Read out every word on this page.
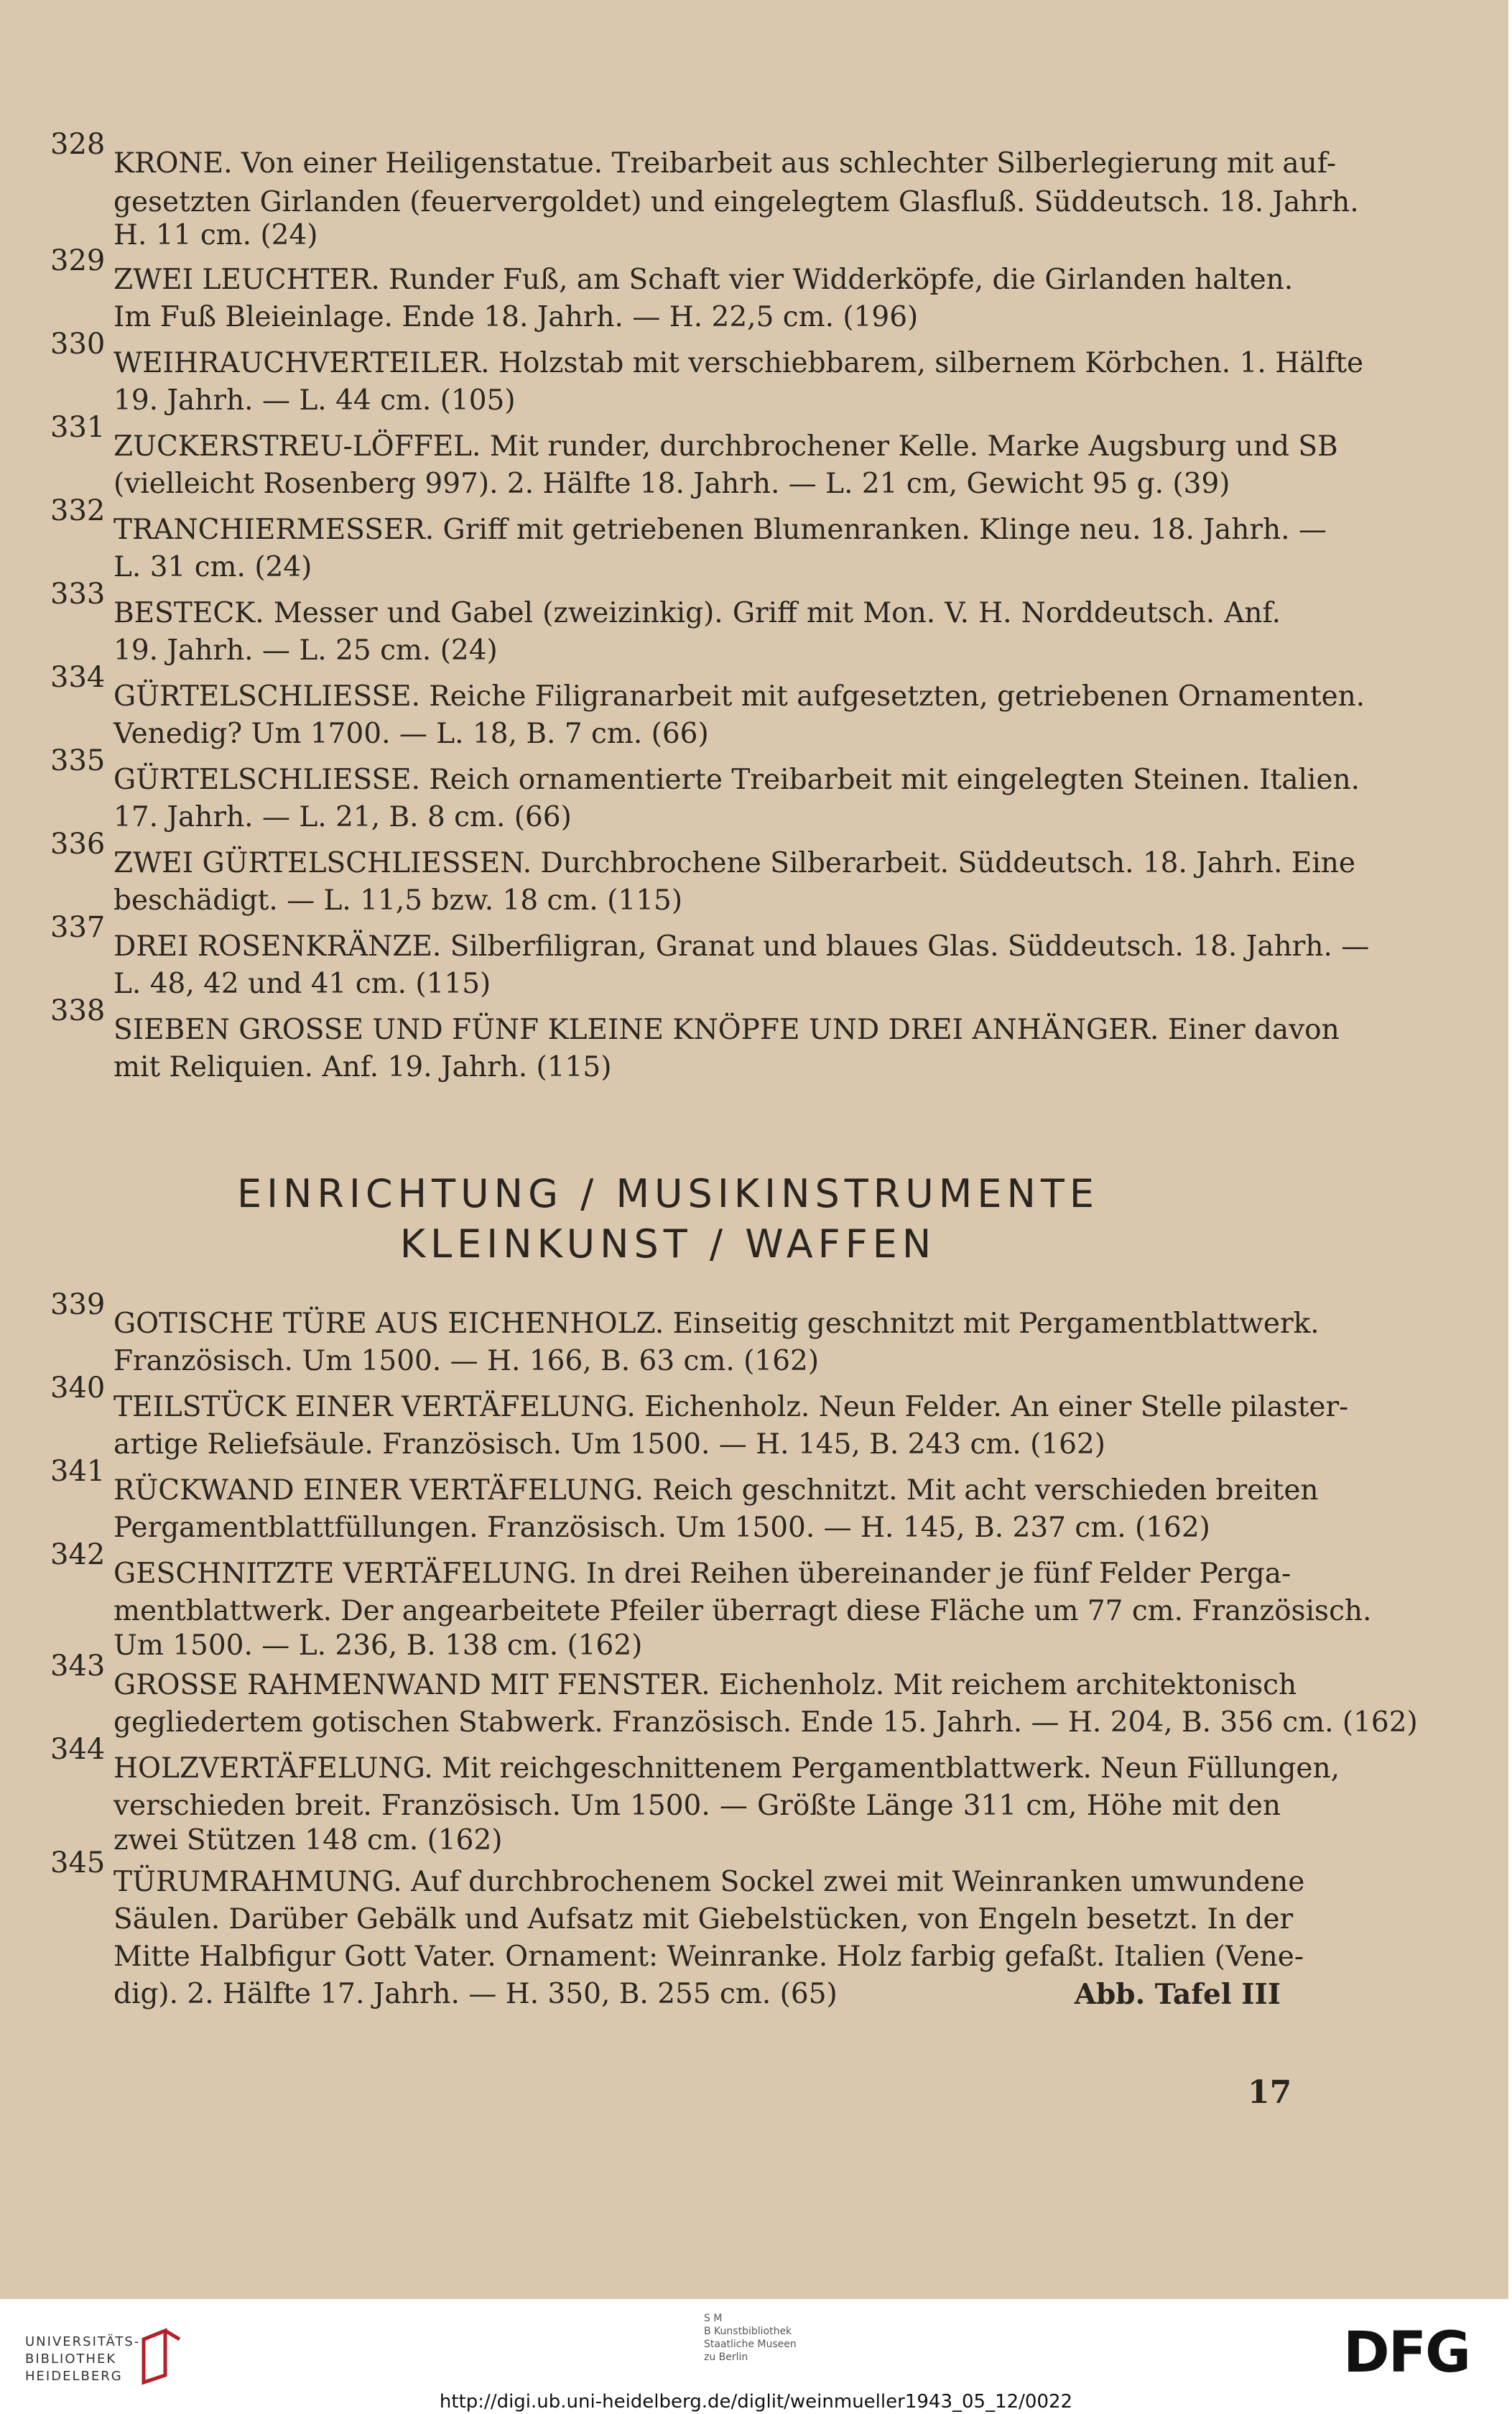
328
KRONE. Von einer Heiligenstatue. Treibarbeit aus schlechter Silberlegierung mit auf-
gesetzten Girlanden (feuervergoldet) und eingelegtem Glasfluß. Süddeutsch. 18. Jahrh.
H. 11 cm. (24)
329
ZWEI LEUCHTER. Runder Fuß, am Schaft vier Widderköpfe, die Girlanden halten.
Im Fuß Bleieinlage. Ende 18. Jahrh. — H. 22,5 cm. (196)
330
WEIHRAUCHVERTEILER. Holzstab mit verschiebbarem, silbernem Körbchen. 1. Hälfte
19. Jahrh. — L. 44 cm. (105)
331
ZUCKERSTREU-LÖFFEL. Mit runder, durchbrochener Kelle. Marke Augsburg und SB
(vielleicht Rosenberg 997). 2. Hälfte 18. Jahrh. — L. 21 cm, Gewicht 95 g. (39)
332
TRANCHIERMESSER. Griff mit getriebenen Blumenranken. Klinge neu. 18. Jahrh. —
L. 31 cm. (24)
333
BESTECK. Messer und Gabel (zweizinkig). Griff mit Mon. V. H. Norddeutsch. Anf.
19. Jahrh. — L. 25 cm. (24)
334
GÜRTELSCHLIESSE. Reiche Filigranarbeit mit aufgesetzten, getriebenen Ornamenten.
Venedig? Um 1700. — L. 18, B. 7 cm. (66)
335
GÜRTELSCHLIESSE. Reich ornamentierte Treibarbeit mit eingelegten Steinen. Italien.
17. Jahrh. — L. 21, B. 8 cm. (66)
336
ZWEI GÜRTELSCHLIESSEN. Durchbrochene Silberarbeit. Süddeutsch. 18. Jahrh. Eine
beschädigt. — L. 11,5 bzw. 18 cm. (115)
337
DREI ROSENKRÄNZE. Silberfiligran, Granat und blaues Glas. Süddeutsch. 18. Jahrh. —
L. 48, 42 und 41 cm. (115)
338
SIEBEN GROSSE UND FÜNF KLEINE KNÖPFE UND DREI ANHÄNGER. Einer davon
mit Reliquien. Anf. 19. Jahrh. (115)
EINRICHTUNG / MUSIKINSTRUMENTE
KLEINKUNST / WAFFEN
339
GOTISCHE TÜRE AUS EICHENHOLZ. Einseitig geschnitzt mit Pergamentblattwerk.
Französisch. Um 1500. — H. 166, B. 63 cm. (162)
340
TEILSTÜCK EINER VERTÄFELUNG. Eichenholz. Neun Felder. An einer Stelle pilaster-
artige Reliefsäule. Französisch. Um 1500. — H. 145, B. 243 cm. (162)
341
RÜCKWAND EINER VERTÄFELUNG. Reich geschnitzt. Mit acht verschieden breiten
Pergamentblattfüllungen. Französisch. Um 1500. — H. 145, B. 237 cm. (162)
342
GESCHNITZTE VERTÄFELUNG. In drei Reihen übereinander je fünf Felder Perga-
mentblattwerk. Der angearbeitete Pfeiler überragt diese Fläche um 77 cm. Französisch.
Um 1500. — L. 236, B. 138 cm. (162)
343
GROSSE RAHMENWAND MIT FENSTER. Eichenholz. Mit reichem architektonisch
gegliedertem gotischen Stabwerk. Französisch. Ende 15. Jahrh. — H. 204, B. 356 cm. (162)
344
HOLZVERTÄFELUNG. Mit reichgeschnittenem Pergamentblattwerk. Neun Füllungen,
verschieden breit. Französisch. Um 1500. — Größte Länge 311 cm, Höhe mit den
zwei Stützen 148 cm. (162)
345
TÜRUMRAHMUNG. Auf durchbrochenem Sockel zwei mit Weinranken umwundene
Säulen. Darüber Gebälk und Aufsatz mit Giebelstücken, von Engeln besetzt. In der
Mitte Halbfigur Gott Vater. Ornament: Weinranke. Holz farbig gefaßt. Italien (Vene-
dig). 2. Hälfte 17. Jahrh. — H. 350, B. 255 cm. (65)	Abb. Tafel III
17
UNIVERSITÄTS-
BIBLIOTHEK
HEIDELBERG
S M
B Kunstbibliothek
Staatliche Museen
zu Berlin	DFG
http://digi.ub.uni-heidelberg.de/diglit/weinmueller1943_05_12/0022
